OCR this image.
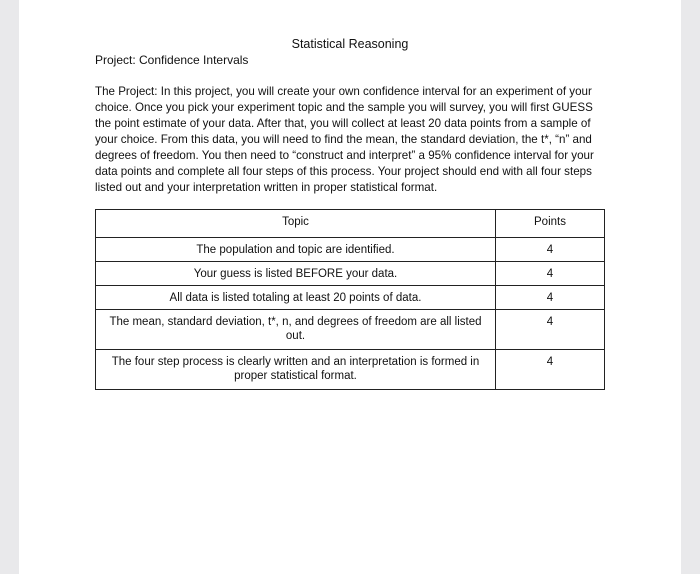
Statistical Reasoning
Project: Confidence Intervals
The Project: In this project, you will create your own confidence interval for an experiment of your choice. Once you pick your experiment topic and the sample you will survey, you will first GUESS the point estimate of your data. After that, you will collect at least 20 data points from a sample of your choice. From this data, you will need to find the mean, the standard deviation, the t*, “n” and degrees of freedom. You then need to “construct and interpret” a 95% confidence interval for your data points and complete all four steps of this process. Your project should end with all four steps listed out and your interpretation written in proper statistical format.
Topic	Points
The population and topic are identified.	4
Your guess is listed BEFORE your data.	4
All data is listed totaling at least 20 points of data.	4
The mean, standard deviation, t*, n, and degrees of freedom are all listed out.	4
The four step process is clearly written and an interpretation is formed in proper statistical format.	4
